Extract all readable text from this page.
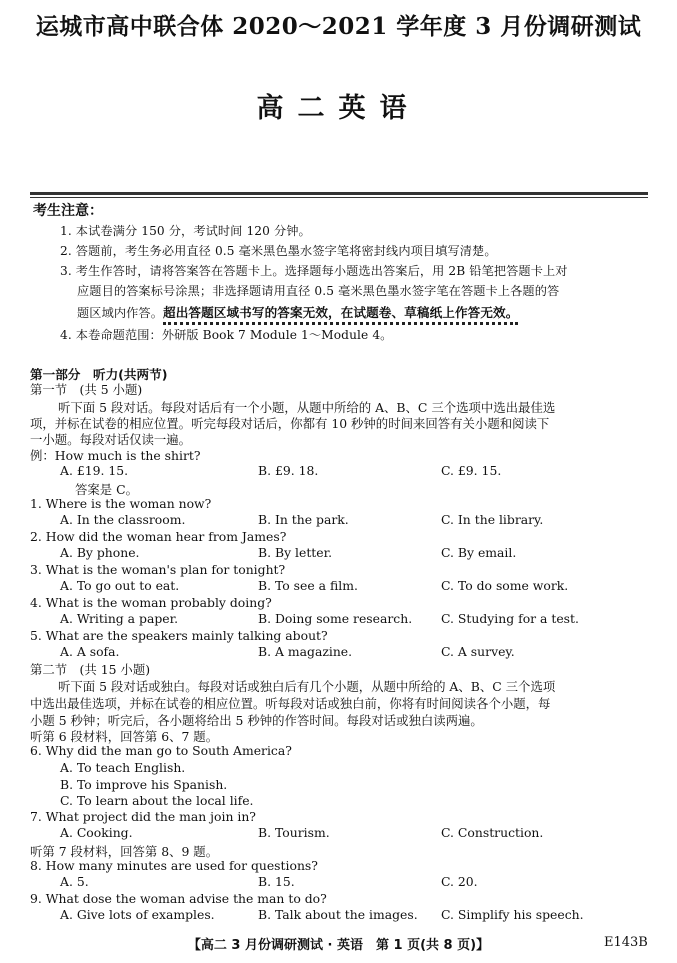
运城市高中联合体 2020～2021 学年度 3 月份调研测试
高二英语
考生注意：
1. 本试卷满分 150 分，考试时间 120 分钟。
2. 答题前，考生务必用直径 0.5 毫米黑色墨水签字笔将密封线内项目填写清楚。
3. 考生作答时，请将答案答在答题卡上。选择题每小题选出答案后，用 2B 铅笔把答题卡上对
应题目的答案标号涂黑；非选择题请用直径 0.5 毫米黑色墨水签字笔在答题卡上各题的答
题区域内作答。超出答题区域书写的答案无效，在试题卷、草稿纸上作答无效。
4. 本卷命题范围：外研版 Book 7 Module 1～Module 4。
第一部分　听力(共两节)
第一节　(共 5 小题)
听下面 5 段对话。每段对话后有一个小题，从题中所给的 A、B、C 三个选项中选出最佳选
项，并标在试卷的相应位置。听完每段对话后，你都有 10 秒钟的时间来回答有关小题和阅读下
一小题。每段对话仅读一遍。
例：How much is the shirt?
A. £19. 15.	B. £9. 18.	C. £9. 15.
答案是 C。
1. Where is the woman now?
A. In the classroom.	B. In the park.	C. In the library.
2. How did the woman hear from James?
A. By phone.	B. By letter.	C. By email.
3. What is the woman's plan for tonight?
A. To go out to eat.	B. To see a film.	C. To do some work.
4. What is the woman probably doing?
A. Writing a paper.	B. Doing some research. C. Studying for a test.
5. What are the speakers mainly talking about?
A. A sofa.	B. A magazine.	C. A survey.
第二节　(共 15 小题)
听下面 5 段对话或独白。每段对话或独白后有几个小题，从题中所给的 A、B、C 三个选项
中选出最佳选项，并标在试卷的相应位置。听每段对话或独白前，你将有时间阅读各个小题，每
小题 5 秒钟；听完后，各小题将给出 5 秒钟的作答时间。每段对话或独白读两遍。
听第 6 段材料，回答第 6、7 题。
6. Why did the man go to South America?
A. To teach English.
B. To improve his Spanish.
C. To learn about the local life.
7. What project did the man join in?
A. Cooking.	B. Tourism.	C. Construction.
听第 7 段材料，回答第 8、9 题。
8. How many minutes are used for questions?
A. 5.	B. 15.	C. 20.
9. What dose the woman advise the man to do?
A. Give lots of examples.	B. Talk about the images. C. Simplify his speech.
【高二 3 月份调研测试 · 英语　第 1 页(共 8 页)】	E143B
